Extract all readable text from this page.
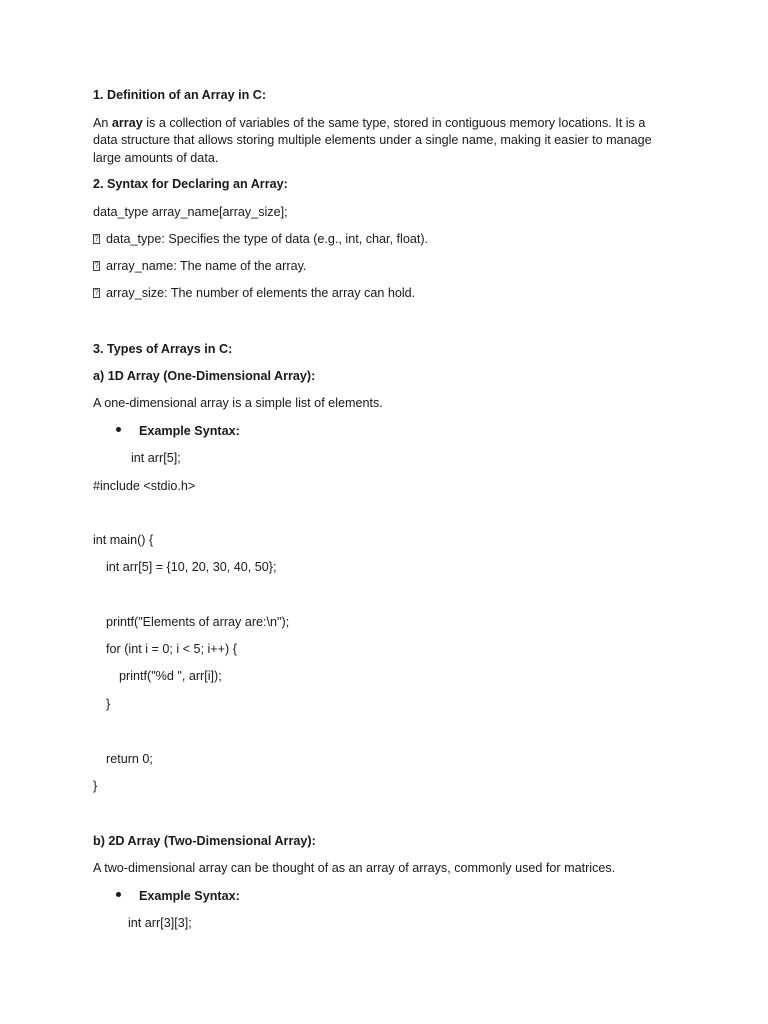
1. Definition of an Array in C:
An array is a collection of variables of the same type, stored in contiguous memory locations. It is a
data structure that allows storing multiple elements under a single name, making it easier to manage
large amounts of data.
2. Syntax for Declaring an Array:
data_type array_name[array_size];
?data_type: Specifies the type of data (e.g., int, char, float).
?array_name: The name of the array.
?array_size: The number of elements the array can hold.
3. Types of Arrays in C:
a) 1D Array (One-Dimensional Array):
A one-dimensional array is a simple list of elements.
Example Syntax:
int arr[5];
#include <stdio.h>
int main() {
int arr[5] = {10, 20, 30, 40, 50};
printf("Elements of array are:\n");
for (int i = 0; i < 5; i++) {
printf("%d ", arr[i]);
}
return 0;
}
b) 2D Array (Two-Dimensional Array):
A two-dimensional array can be thought of as an array of arrays, commonly used for matrices.
Example Syntax:
int arr[3][3];
